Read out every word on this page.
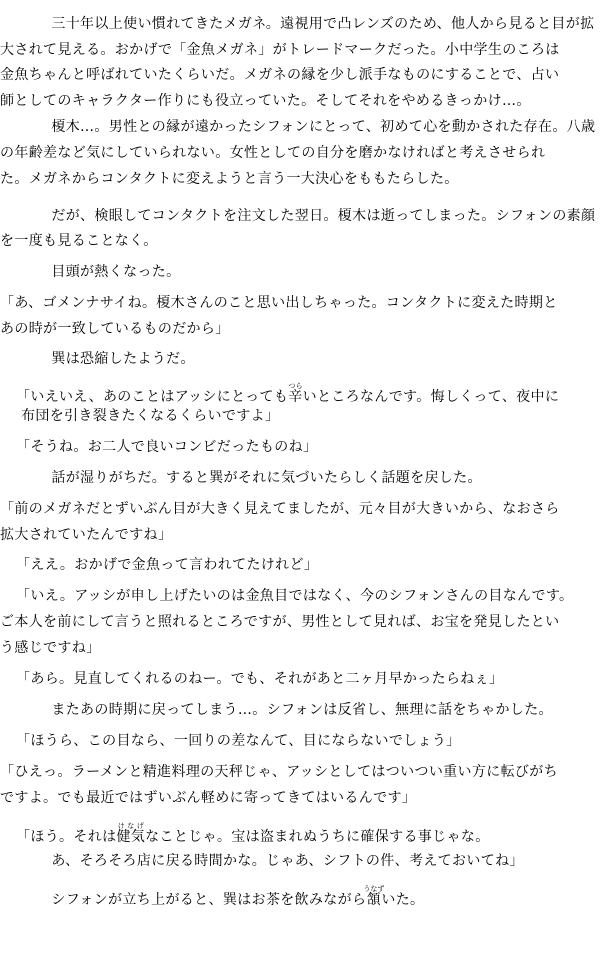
　三十年以上使い慣れてきたメガネ。遠視用で凸レンズのため、他人から見ると目が拡
大されて見える。おかげで「金魚メガネ」がトレードマークだった。小中学生のころは
金魚ちゃんと呼ばれていたくらいだ。メガネの縁を少し派手なものにすることで、占い
師としてのキャラクター作りにも役立っていた。そしてそれをやめるきっかけ…。
　榎木…。男性との縁が遠かったシフォンにとって、初めて心を動かされた存在。八歳
の年齢差など気にしていられない。女性としての自分を磨かなければと考えさせられ
た。メガネからコンタクトに変えようと言う一大決心をももたらした。
　だが、検眼してコンタクトを注文した翌日。榎木は逝ってしまった。シフォンの素顔
を一度も見ることなく。
　目頭が熱くなった。
「あ、ゴメンナサイね。榎木さんのこと思い出しちゃった。コンタクトに変えた時期と
あの時が一致しているものだから」
　巽は恐縮したようだ。
「いえいえ、あのことはアッシにとっても辛つらいところなんです。悔しくって、夜中に
布団を引き裂きたくなるくらいですよ」
「そうね。お二人で良いコンビだったものね」
　話が湿りがちだ。すると巽がそれに気づいたらしく話題を戻した。
「前のメガネだとずいぶん目が大きく見えてましたが、元々目が大きいから、なおさら
拡大されていたんですね」
「ええ。おかげで金魚って言われてたけれど」
「いえ。アッシが申し上げたいのは金魚目ではなく、今のシフォンさんの目なんです。
ご本人を前にして言うと照れるところですが、男性として見れば、お宝を発見したとい
う感じですね」
「あら。見直してくれるのねー。でも、それがあと二ヶ月早かったらねぇ」
　またあの時期に戻ってしまう…。シフォンは反省し、無理に話をちゃかした。
「ほうら、この目なら、一回りの差なんて、目にならないでしょう」
「ひえっ。ラーメンと精進料理の天秤じゃ、アッシとしてはついつい重い方に転びがち
ですよ。でも最近ではずいぶん軽めに寄ってきてはいるんです」
「ほう。それは健気けなげなことじゃ。宝は盗まれぬうちに確保する事じゃな。
　あ、そろそろ店に戻る時間かな。じゃあ、シフトの件、考えておいてね」
　シフォンが立ち上がると、巽はお茶を飲みながら頷うなずいた。
